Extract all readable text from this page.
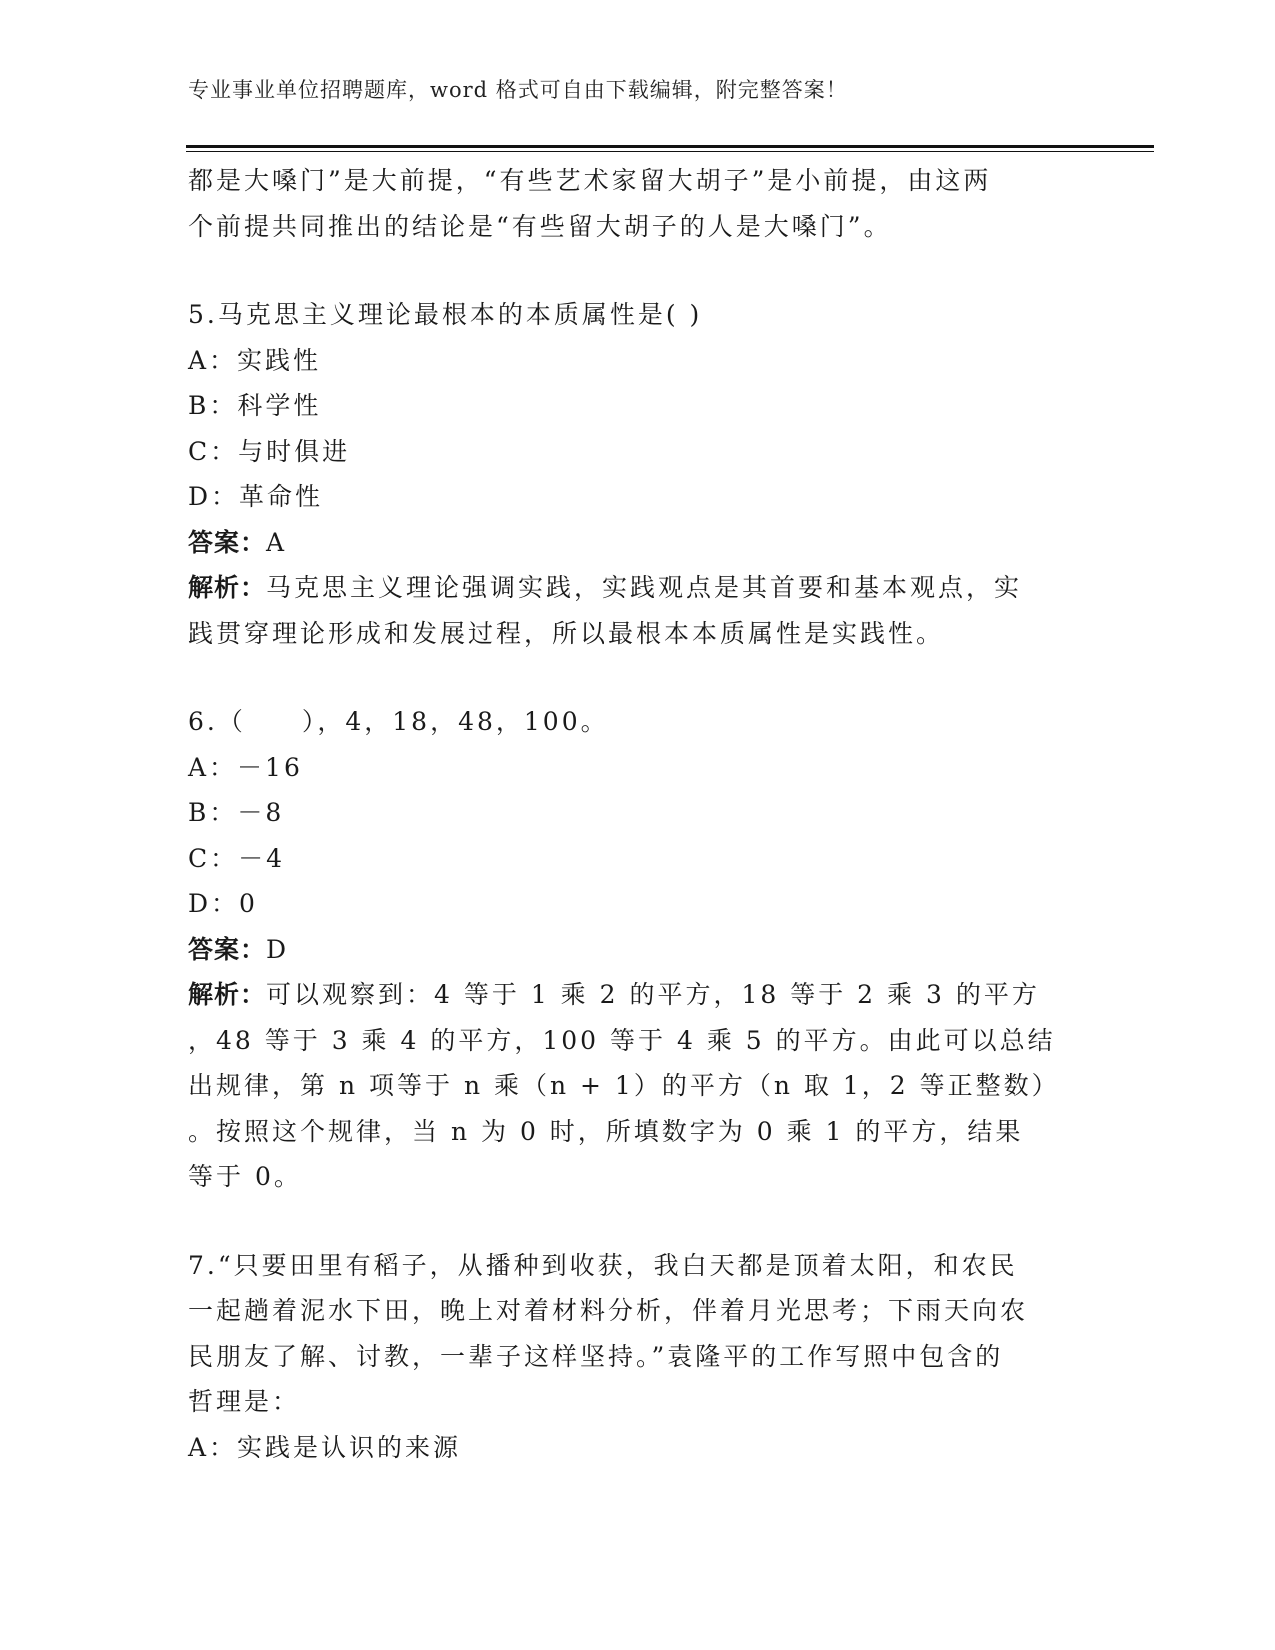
专业事业单位招聘题库，word 格式可自由下载编辑，附完整答案！
都是大嗓门”是大前提，“有些艺术家留大胡子”是小前提，由这两
个前提共同推出的结论是“有些留大胡子的人是大嗓门”。
5.马克思主义理论最根本的本质属性是( )
A：实践性
B：科学性
C：与时俱进
D：革命性
答案：A
解析：马克思主义理论强调实践，实践观点是其首要和基本观点，实
践贯穿理论形成和发展过程，所以最根本本质属性是实践性。
6.（　　），4，18，48，100。
A：－16
B：－8
C：－4
D：0
答案：D
解析：可以观察到：4 等于 1 乘 2 的平方，18 等于 2 乘 3 的平方
，48 等于 3 乘 4 的平方，100 等于 4 乘 5 的平方。由此可以总结
出规律，第 n 项等于 n 乘（n + 1）的平方（n 取 1，2 等正整数）
。按照这个规律，当 n 为 0 时，所填数字为 0 乘 1 的平方，结果
等于 0。
7.“只要田里有稻子，从播种到收获，我白天都是顶着太阳，和农民
一起趟着泥水下田，晚上对着材料分析，伴着月光思考；下雨天向农
民朋友了解、讨教，一辈子这样坚持。”袁隆平的工作写照中包含的
哲理是：
A：实践是认识的来源
